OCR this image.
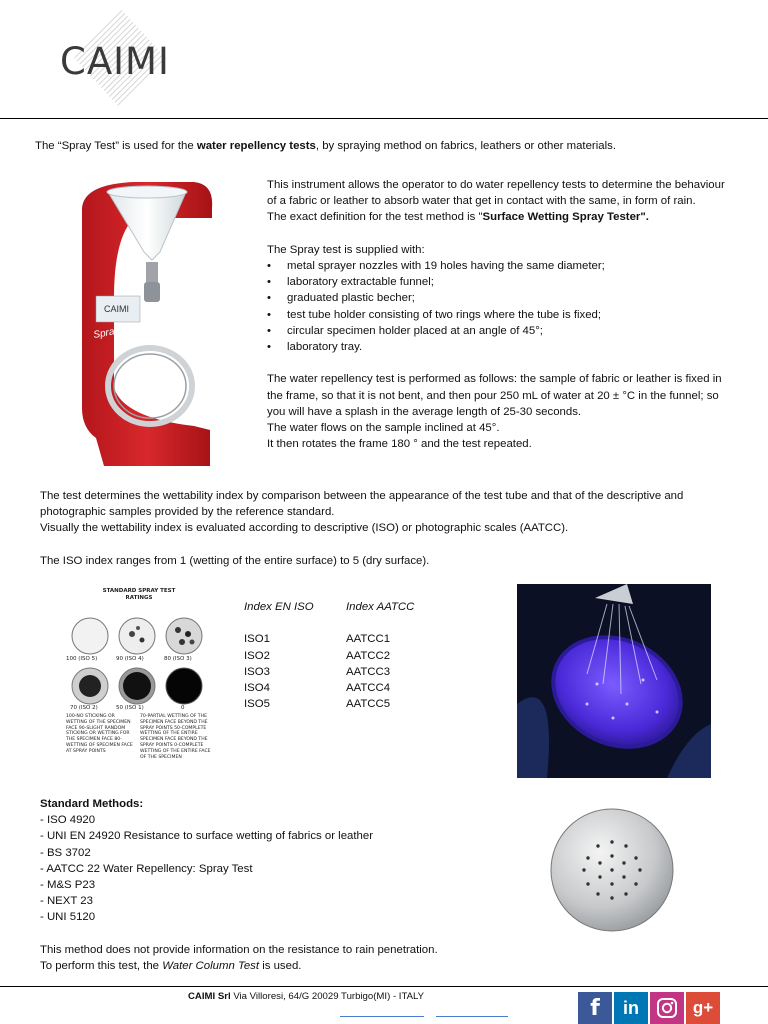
CAIMI

The “Spray Test” is used for the water repellency tests, by spraying method on fabrics, leathers or other materials.

CAIMI
Spray Test

This instrument allows the operator to do water repellency tests to determine the behaviour of a fabric or leather to absorb water that get in contact with the same, in form of rain.

The exact definition for the test method is "Surface Wetting Spray Tester".

The Spray test is supplied with:

• metal sprayer nozzles with 19 holes having the same diameter;
• laboratory extractable funnel;
• graduated plastic becher;
• test tube holder consisting of two rings where the tube is fixed;
• circular specimen holder placed at an angle of 45°;
• laboratory tray.

The water repellency test is performed as follows: the sample of fabric or leather is fixed in the frame, so that it is not bent, and then pour 250 mL of water at 20 ± °C in the funnel; so you will have a splash in the average length of 25-30 seconds.

The water flows on the sample inclined at 45°.

It then rotates the frame 180 ° and the test repeated.

The test determines the wettability index by comparison between the appearance of the test tube and that of the descriptive and photographic samples provided by the reference standard.

Visually the wettability index is evaluated according to descriptive (ISO) or photographic scales (AATCC).

The ISO index ranges from 1 (wetting of the entire surface) to 5 (dry surface).

STANDARD SPRAY TEST
RATINGS
100 (ISO 5)	90 (ISO 4)	80 (ISO 3)
70 (ISO 2)	50 (ISO 1)	0
100-NO STICKING OR WETTING OF THE SPECIMEN FACE 90-SLIGHT RANDOM STICKING OR WETTING FOR THE SPECIMEN FACE 80-WETTING OF SPECIMEN FACE AT SPRAY POINTS
70-PARTIAL WETTING OF THE SPECIMEN FACE BEYOND THE SPRAY POINTS 50-COMPLETE WETTING OF THE ENTIRE SPECIMEN FACE BEYOND THE SPRAY POINTS 0-COMPLETE WETTING OF THE ENTIRE FACE OF THE SPECIMEN
Index EN ISO	Index AATCC

ISO1	AATCC1
ISO2	AATCC2
ISO3	AATCC3
ISO4	AATCC4
ISO5	AATCC5

Standard Methods:

- ISO 4920

- UNI EN 24920 Resistance to surface wetting of fabrics or leather

- BS 3702

- AATCC 22 Water Repellency: Spray Test

- M&S P23

- NEXT 23

- UNI 5120

This method does not provide information on the resistance to rain penetration.

To perform this test, the Water Column Test is used.

CAIMI Srl Via Villoresi, 64/G 20029 Turbigo(MI) - ITALY	f	in	g+
